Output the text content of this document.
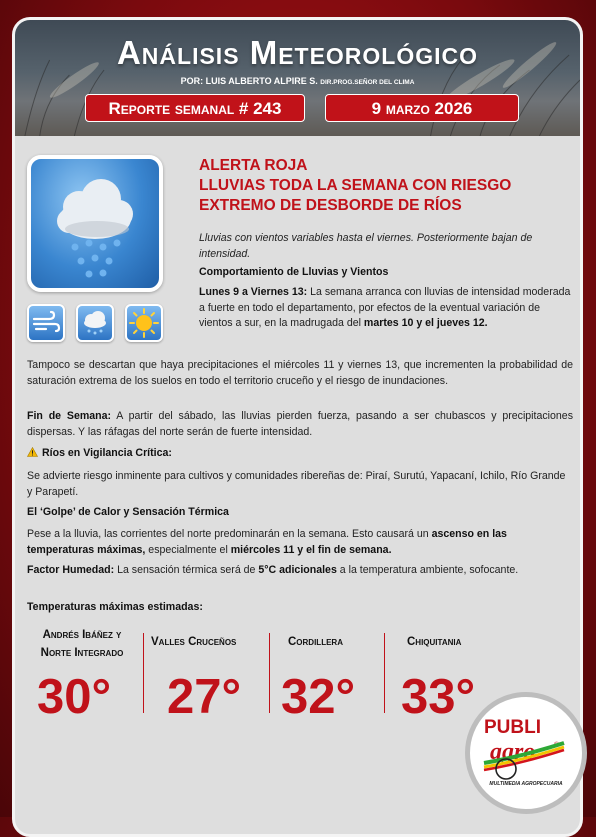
Análisis Meteorológico
POR: LUIS ALBERTO ALPIRE S. DIR.PROG.SEÑOR DEL CLIMA
Reporte semanal # 243	9 marzo 2026
ALERTA ROJA
LLUVIAS TODA LA SEMANA CON RIESGO
EXTREMO DE DESBORDE DE RÍOS
Lluvias con vientos variables hasta el viernes. Posteriormente bajan de intensidad.
Comportamiento de Lluvias y Vientos
Lunes 9 a Viernes 13: La semana arranca con lluvias de intensidad moderada a fuerte en todo el departamento, por efectos de la eventual variación de vientos a sur, en la madrugada del martes 10 y el jueves 12.
Tampoco se descartan que haya precipitaciones el miércoles 11 y viernes 13, que incrementen la probabilidad de saturación extrema de los suelos en todo el territorio cruceño y el riesgo de inundaciones.
Fin de Semana: A partir del sábado, las lluvias pierden fuerza, pasando a ser chubascos y precipitaciones dispersas. Y las ráfagas del norte serán de fuerte intensidad.
Ríos en Vigilancia Crítica:
Se advierte riesgo inminente para cultivos y comunidades ribereñas de: Piraí, Surutú, Yapacaní, Ichilo, Río Grande y Parapetí.
El ‘Golpe’ de Calor y Sensación Térmica
Pese a la lluvia, las corrientes del norte predominarán en la semana. Esto causará un ascenso en las temperaturas máximas, especialmente el miércoles 11 y el fin de semana.
Factor Humedad: La sensación térmica será de 5°C adicionales a la temperatura ambiente, sofocante.
Temperaturas máximas estimadas:
Andrés Ibáñez y
Norte Integrado
30°
Valles Cruceños
27°
Cordillera
32°
Chiquitania
33°
PUBLI
agro	®
MULTIMEDIA AGROPECUARIA
